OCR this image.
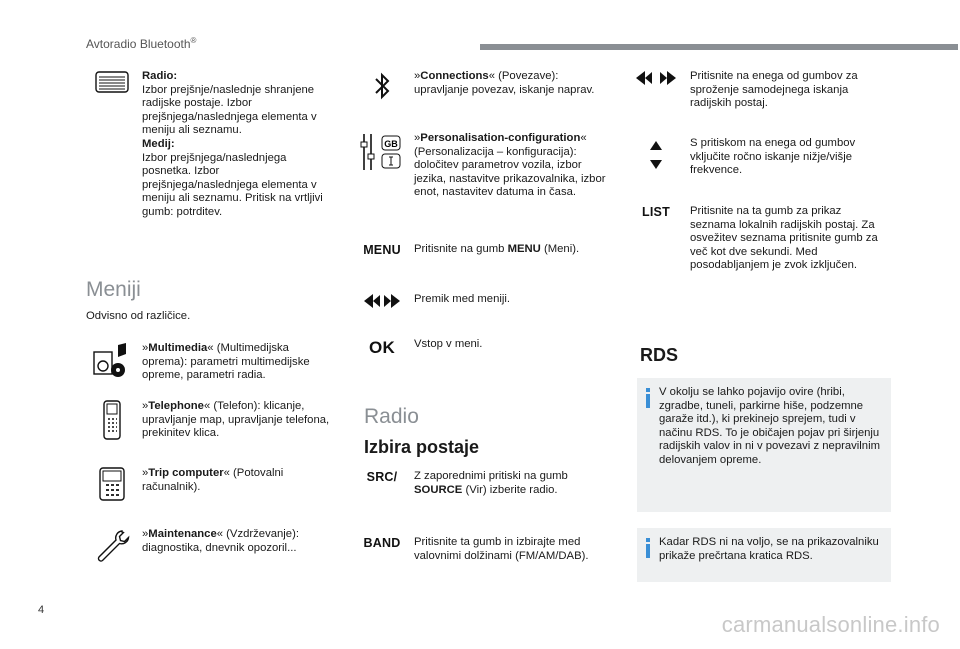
Avtoradio Bluetooth®
Radio:
Izbor prejšnje/naslednje shranjene radijske postaje. Izbor prejšnjega/naslednjega elementa v meniju ali seznamu.
Medij:
Izbor prejšnjega/naslednjega posnetka. Izbor prejšnjega/naslednjega elementa v meniju ali seznamu. Pritisk na vrtljivi gumb: potrditev.
Meniji
Odvisno od različice.
»Multimedia« (Multimedijska oprema): parametri multimedijske opreme, parametri radia.
»Telephone« (Telefon): klicanje, upravljanje map, upravljanje telefona, prekinitev klica.
»Trip computer« (Potovalni računalnik).
»Maintenance« (Vzdrževanje): diagnostika, dnevnik opozoril...
»Connections« (Povezave): upravljanje povezav, iskanje naprav.
GB »Personalisation-configuration« (Personalizacija – konfiguracija): določitev parametrov vozila, izbor jezika, nastavitve prikazovalnika, izbor enot, nastavitev datuma in časa.
MENU Pritisnite na gumb MENU (Meni).
Premik med meniji.
OK Vstop v meni.
Radio
Izbira postaje
SRC/ Z zaporednimi pritiski na gumb SOURCE (Vir) izberite radio.
BAND Pritisnite ta gumb in izbirajte med valovnimi dolžinami (FM/AM/DAB).
Pritisnite na enega od gumbov za sproženje samodejnega iskanja radijskih postaj.
S pritiskom na enega od gumbov vključite ročno iskanje nižje/višje frekvence.
LIST Pritisnite na ta gumb za prikaz seznama lokalnih radijskih postaj. Za osvežitev seznama pritisnite gumb za več kot dve sekundi. Med posodabljanjem je zvok izključen.
RDS
V okolju se lahko pojavijo ovire (hribi, zgradbe, tuneli, parkirne hiše, podzemne garaže itd.), ki prekinejo sprejem, tudi v načinu RDS. To je običajen pojav pri širjenju radijskih valov in ni v povezavi z nepravilnim delovanjem opreme.
Kadar RDS ni na voljo, se na prikazovalniku prikaže prečrtana kratica RDS.
4
carmanualsonline.info
